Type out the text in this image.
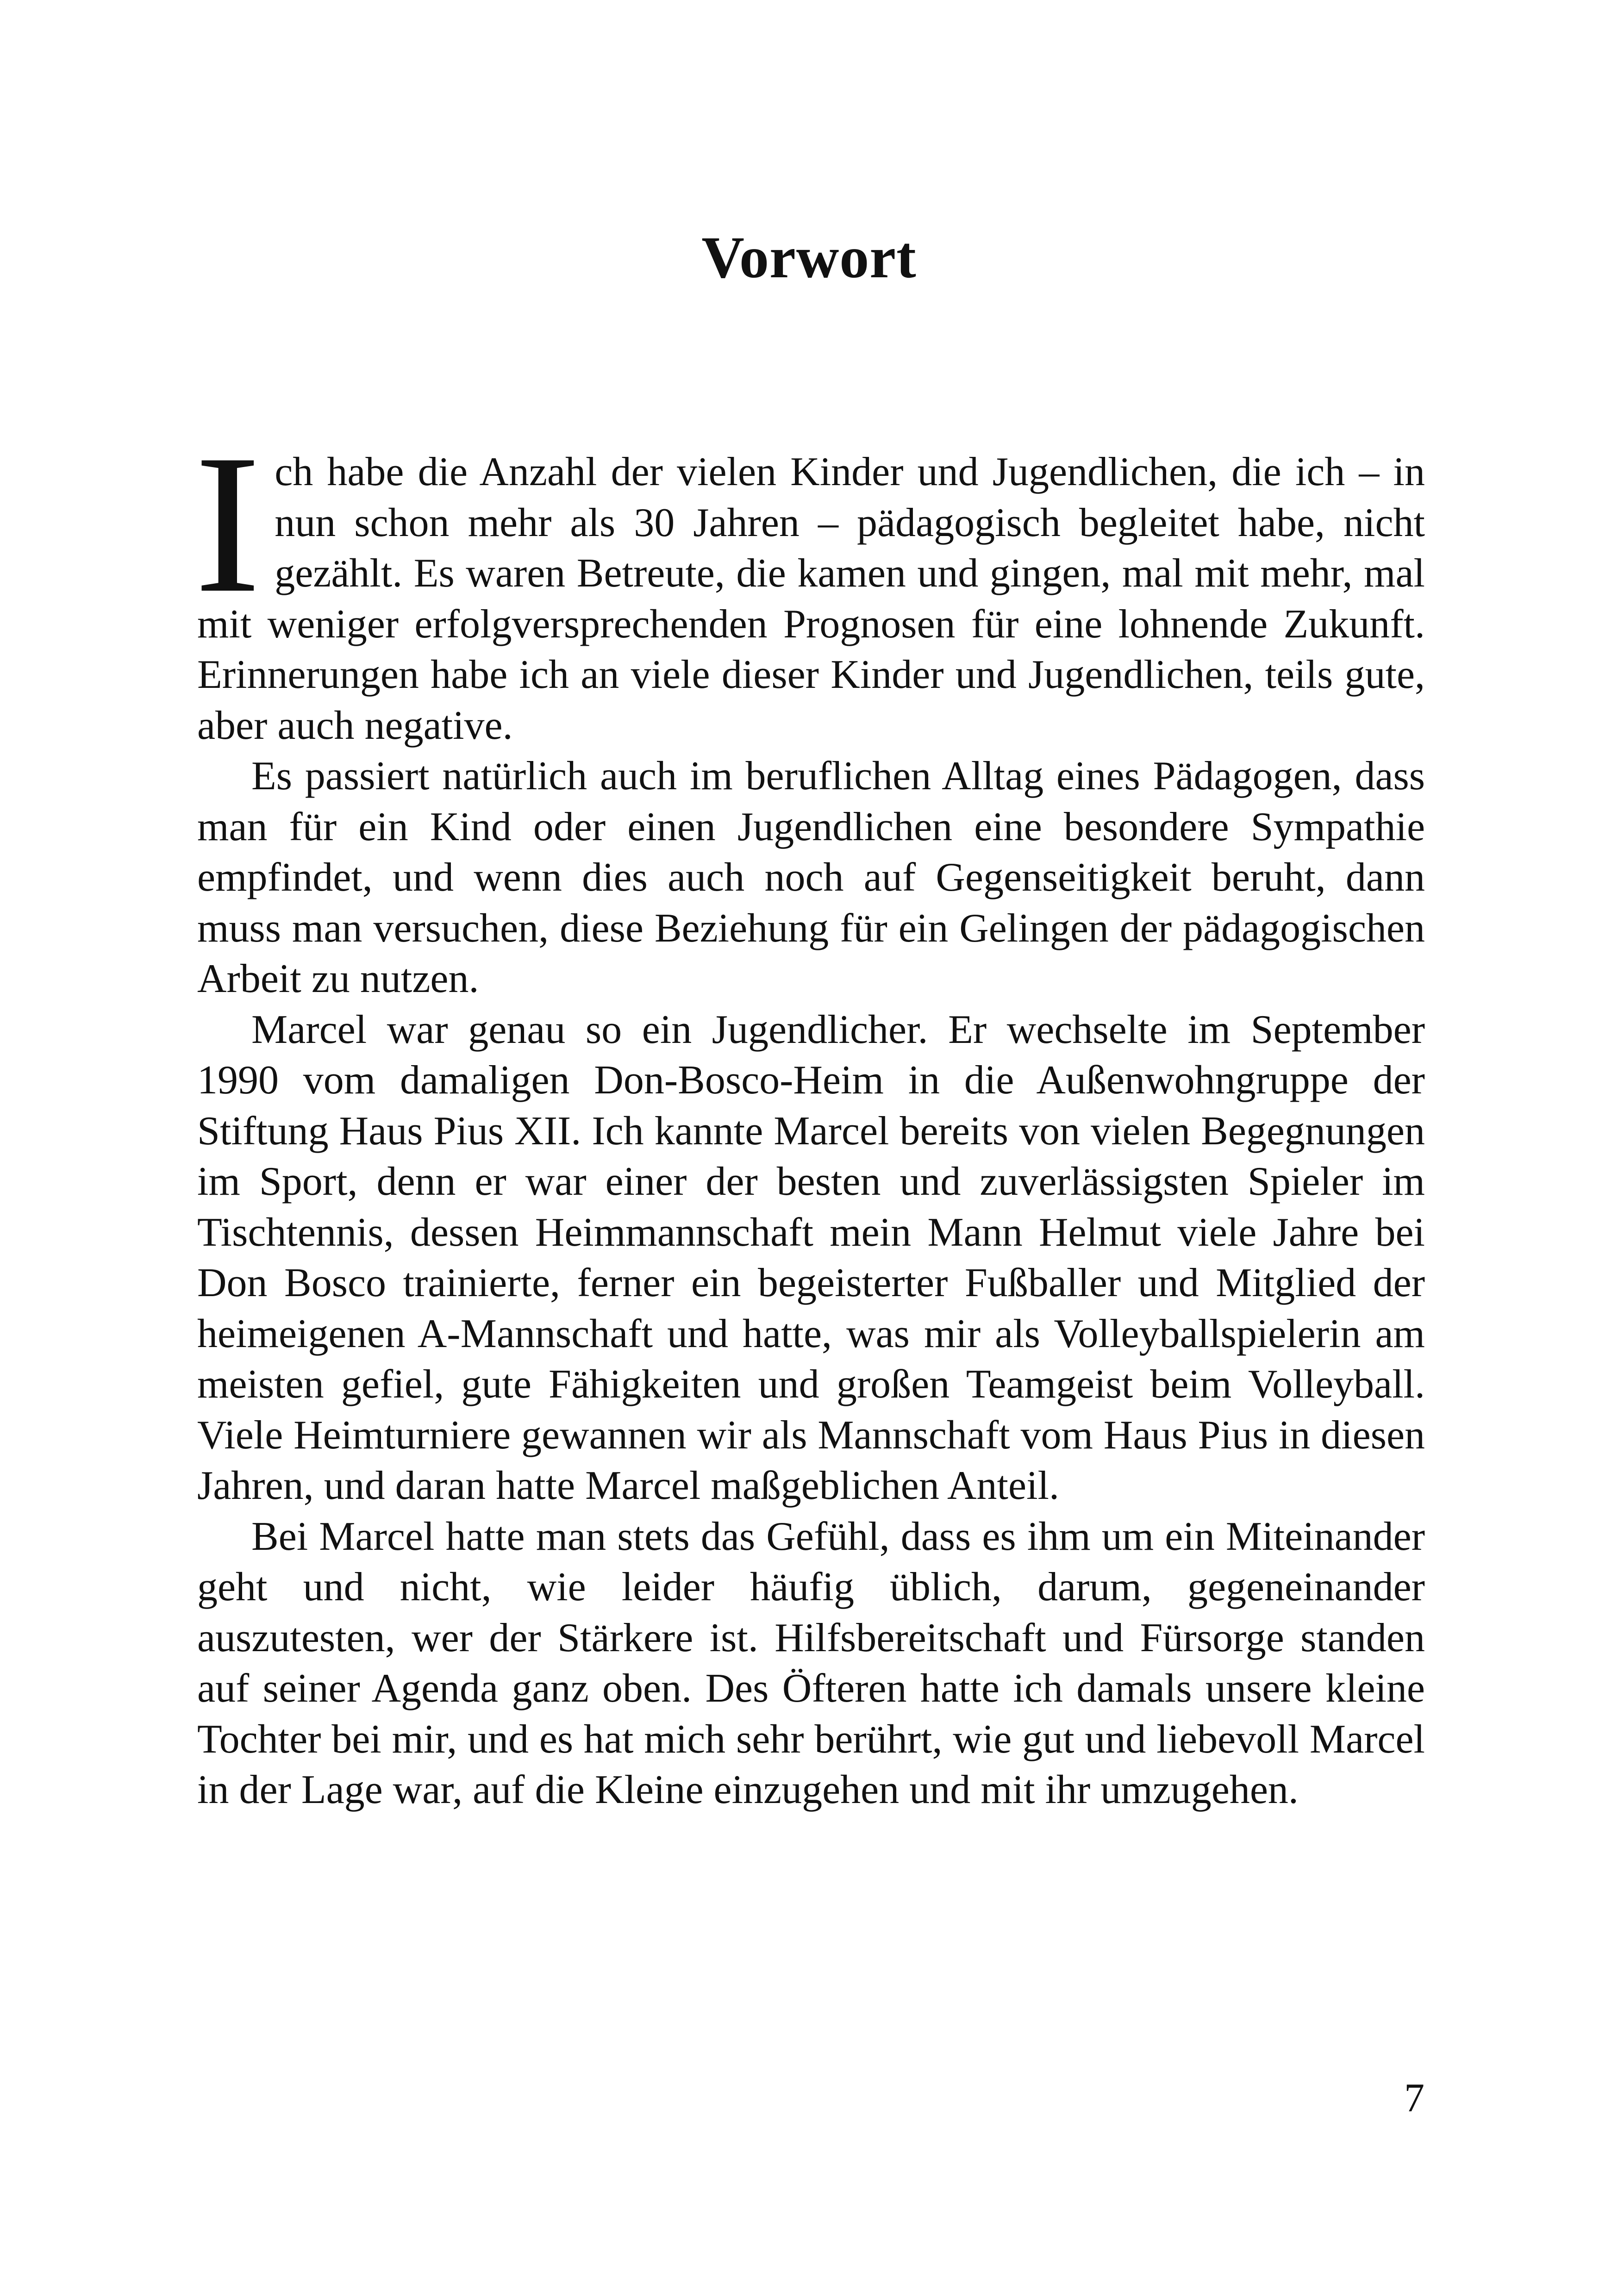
Vorwort

Ich habe die Anzahl der vielen Kinder und Jugendlichen, die ich – in nun schon mehr als 30 Jahren – pädagogisch begleitet habe, nicht gezählt. Es waren Betreute, die kamen und gingen, mal mit mehr, mal mit weniger erfolgversprechenden Prognosen für eine lohnende Zukunft. Erinnerungen habe ich an viele dieser Kinder und Jugendlichen, teils gute, aber auch negative.

Es passiert natürlich auch im beruflichen Alltag eines Pädagogen, dass man für ein Kind oder einen Jugendlichen eine besondere Sympathie empfindet, und wenn dies auch noch auf Gegenseitigkeit beruht, dann muss man versuchen, diese Beziehung für ein Gelingen der pädagogischen Arbeit zu nutzen.

Marcel war genau so ein Jugendlicher. Er wechselte im September 1990 vom damaligen Don-Bosco-Heim in die Außenwohngruppe der Stiftung Haus Pius XII. Ich kannte Marcel bereits von vielen Begegnungen im Sport, denn er war einer der besten und zuverlässigsten Spieler im Tischtennis, dessen Heimmannschaft mein Mann Helmut viele Jahre bei Don Bosco trainierte, ferner ein begeisterter Fußballer und Mitglied der heimeigenen A-Mannschaft und hatte, was mir als Volleyballspielerin am meisten gefiel, gute Fähigkeiten und großen Teamgeist beim Volleyball. Viele Heimturniere gewannen wir als Mannschaft vom Haus Pius in diesen Jahren, und daran hatte Marcel maßgeblichen Anteil.

Bei Marcel hatte man stets das Gefühl, dass es ihm um ein Miteinander geht und nicht, wie leider häufig üblich, darum, gegeneinander auszutesten, wer der Stärkere ist. Hilfsbereitschaft und Fürsorge standen auf seiner Agenda ganz oben. Des Öfteren hatte ich damals unsere kleine Tochter bei mir, und es hat mich sehr berührt, wie gut und liebevoll Marcel in der Lage war, auf die Kleine einzugehen und mit ihr umzugehen.

7
